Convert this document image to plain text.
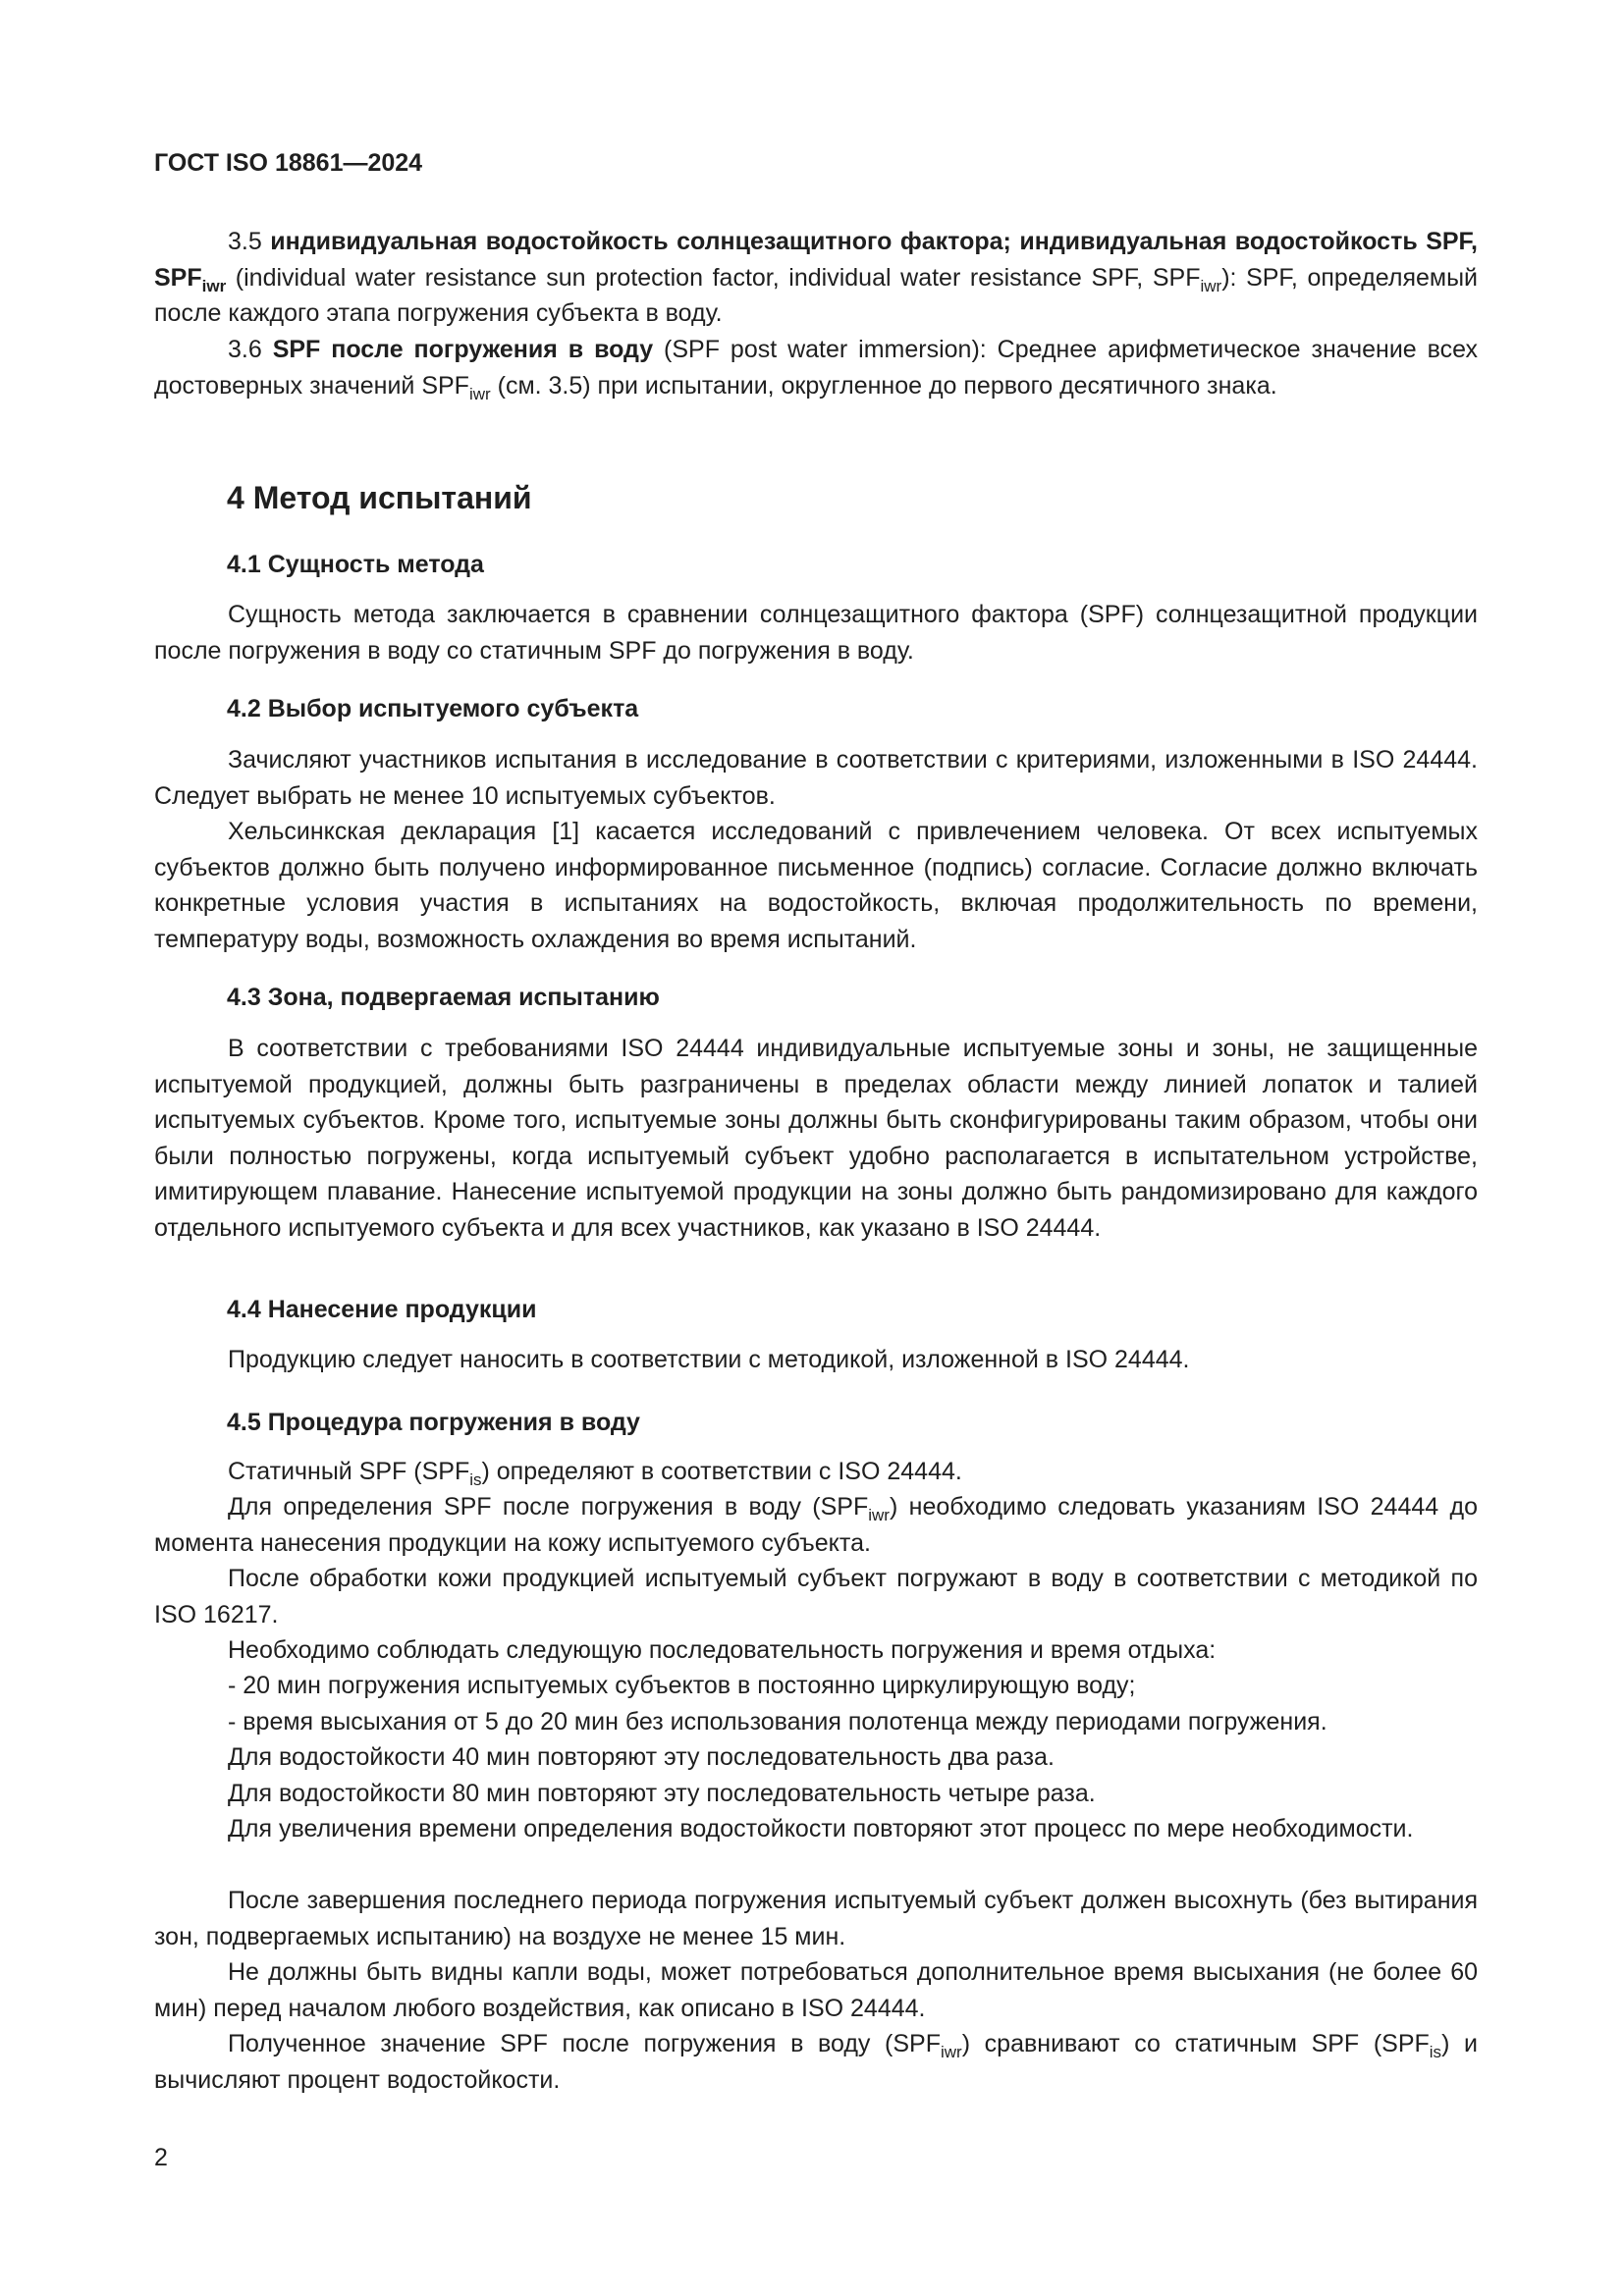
ГОСТ ISO 18861—2024

3.5 индивидуальная водостойкость солнцезащитного фактора; индивидуальная водостойкость SPF, $SPF_{iwr}$ (individual water resistance sun protection factor, individual water resistance SPF, $SPF_{iwr}$): SPF, определяемый после каждого этапа погружения субъекта в воду.

3.6 SPF после погружения в воду (SPF post water immersion): Среднее арифметическое значение всех достоверных значений $SPF_{iwr}$ (см. 3.5) при испытании, округленное до первого десятичного знака.

4 Метод испытаний
4.1 Сущность метода

Сущность метода заключается в сравнении солнцезащитного фактора (SPF) солнцезащитной продукции после погружения в воду со статичным SPF до погружения в воду.

4.2 Выбор испытуемого субъекта

Зачисляют участников испытания в исследование в соответствии с критериями, изложенными в ISO 24444. Следует выбрать не менее 10 испытуемых субъектов.

Хельсинкская декларация [1] касается исследований с привлечением человека. От всех испытуемых субъектов должно быть получено информированное письменное (подпись) согласие. Согласие должно включать конкретные условия участия в испытаниях на водостойкость, включая продолжительность по времени, температуру воды, возможность охлаждения во время испытаний.

4.3 Зона, подвергаемая испытанию

В соответствии с требованиями ISO 24444 индивидуальные испытуемые зоны и зоны, не защищенные испытуемой продукцией, должны быть разграничены в пределах области между линией лопаток и талией испытуемых субъектов. Кроме того, испытуемые зоны должны быть сконфигурированы таким образом, чтобы они были полностью погружены, когда испытуемый субъект удобно располагается в испытательном устройстве, имитирующем плавание. Нанесение испытуемой продукции на зоны должно быть рандомизировано для каждого отдельного испытуемого субъекта и для всех участников, как указано в ISO 24444.

4.4 Нанесение продукции

Продукцию следует наносить в соответствии с методикой, изложенной в ISO 24444.

4.5 Процедура погружения в воду
Статичный SPF $(SPF_{is})$ определяют в соответствии с ISO 24444.

Для определения SPF после погружения в воду $(SPF_{iwr})$ необходимо следовать указаниям ISO 24444 до момента нанесения продукции на кожу испытуемого субъекта.

После обработки кожи продукцией испытуемый субъект погружают в воду в соответствии с методикой по ISO 16217.

Необходимо соблюдать следующую последовательность погружения и время отдыха:
- 20 мин погружения испытуемых субъектов в постоянно циркулирующую воду;
- время высыхания от 5 до 20 мин без использования полотенца между периодами погружения.
Для водостойкости 40 мин повторяют эту последовательность два раза.
Для водостойкости 80 мин повторяют эту последовательность четыре раза.

Для увеличения времени определения водостойкости повторяют этот процесс по мере необходимости.

После завершения последнего периода погружения испытуемый субъект должен высохнуть (без вытирания зон, подвергаемых испытанию) на воздухе не менее 15 мин.

Не должны быть видны капли воды, может потребоваться дополнительное время высыхания (не более 60 мин) перед началом любого воздействия, как описано в ISO 24444.

Полученное значение SPF после погружения в воду $(SPF_{iwr})$ сравнивают со статичным SPF $(SPF_{is})$ и вычисляют процент водостойкости.

2
